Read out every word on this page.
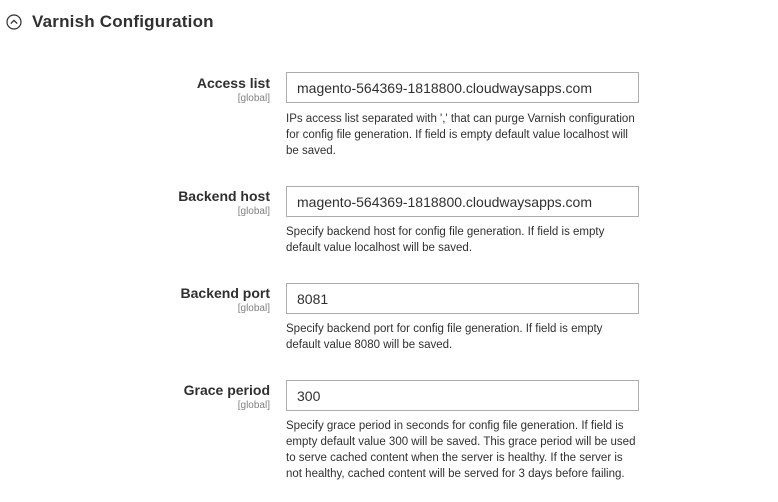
Varnish Configuration
Access list
[global]
magento-564369-1818800.cloudwaysapps.com
IPs access list separated with ',' that can purge Varnish configuration for config file generation. If field is empty default value localhost will be saved.
Backend host
[global]
magento-564369-1818800.cloudwaysapps.com
Specify backend host for config file generation. If field is empty default value localhost will be saved.
Backend port
[global]
8081
Specify backend port for config file generation. If field is empty default value 8080 will be saved.
Grace period
[global]
300
Specify grace period in seconds for config file generation. If field is empty default value 300 will be saved. This grace period will be used to serve cached content when the server is healthy. If the server is not healthy, cached content will be served for 3 days before failing.
